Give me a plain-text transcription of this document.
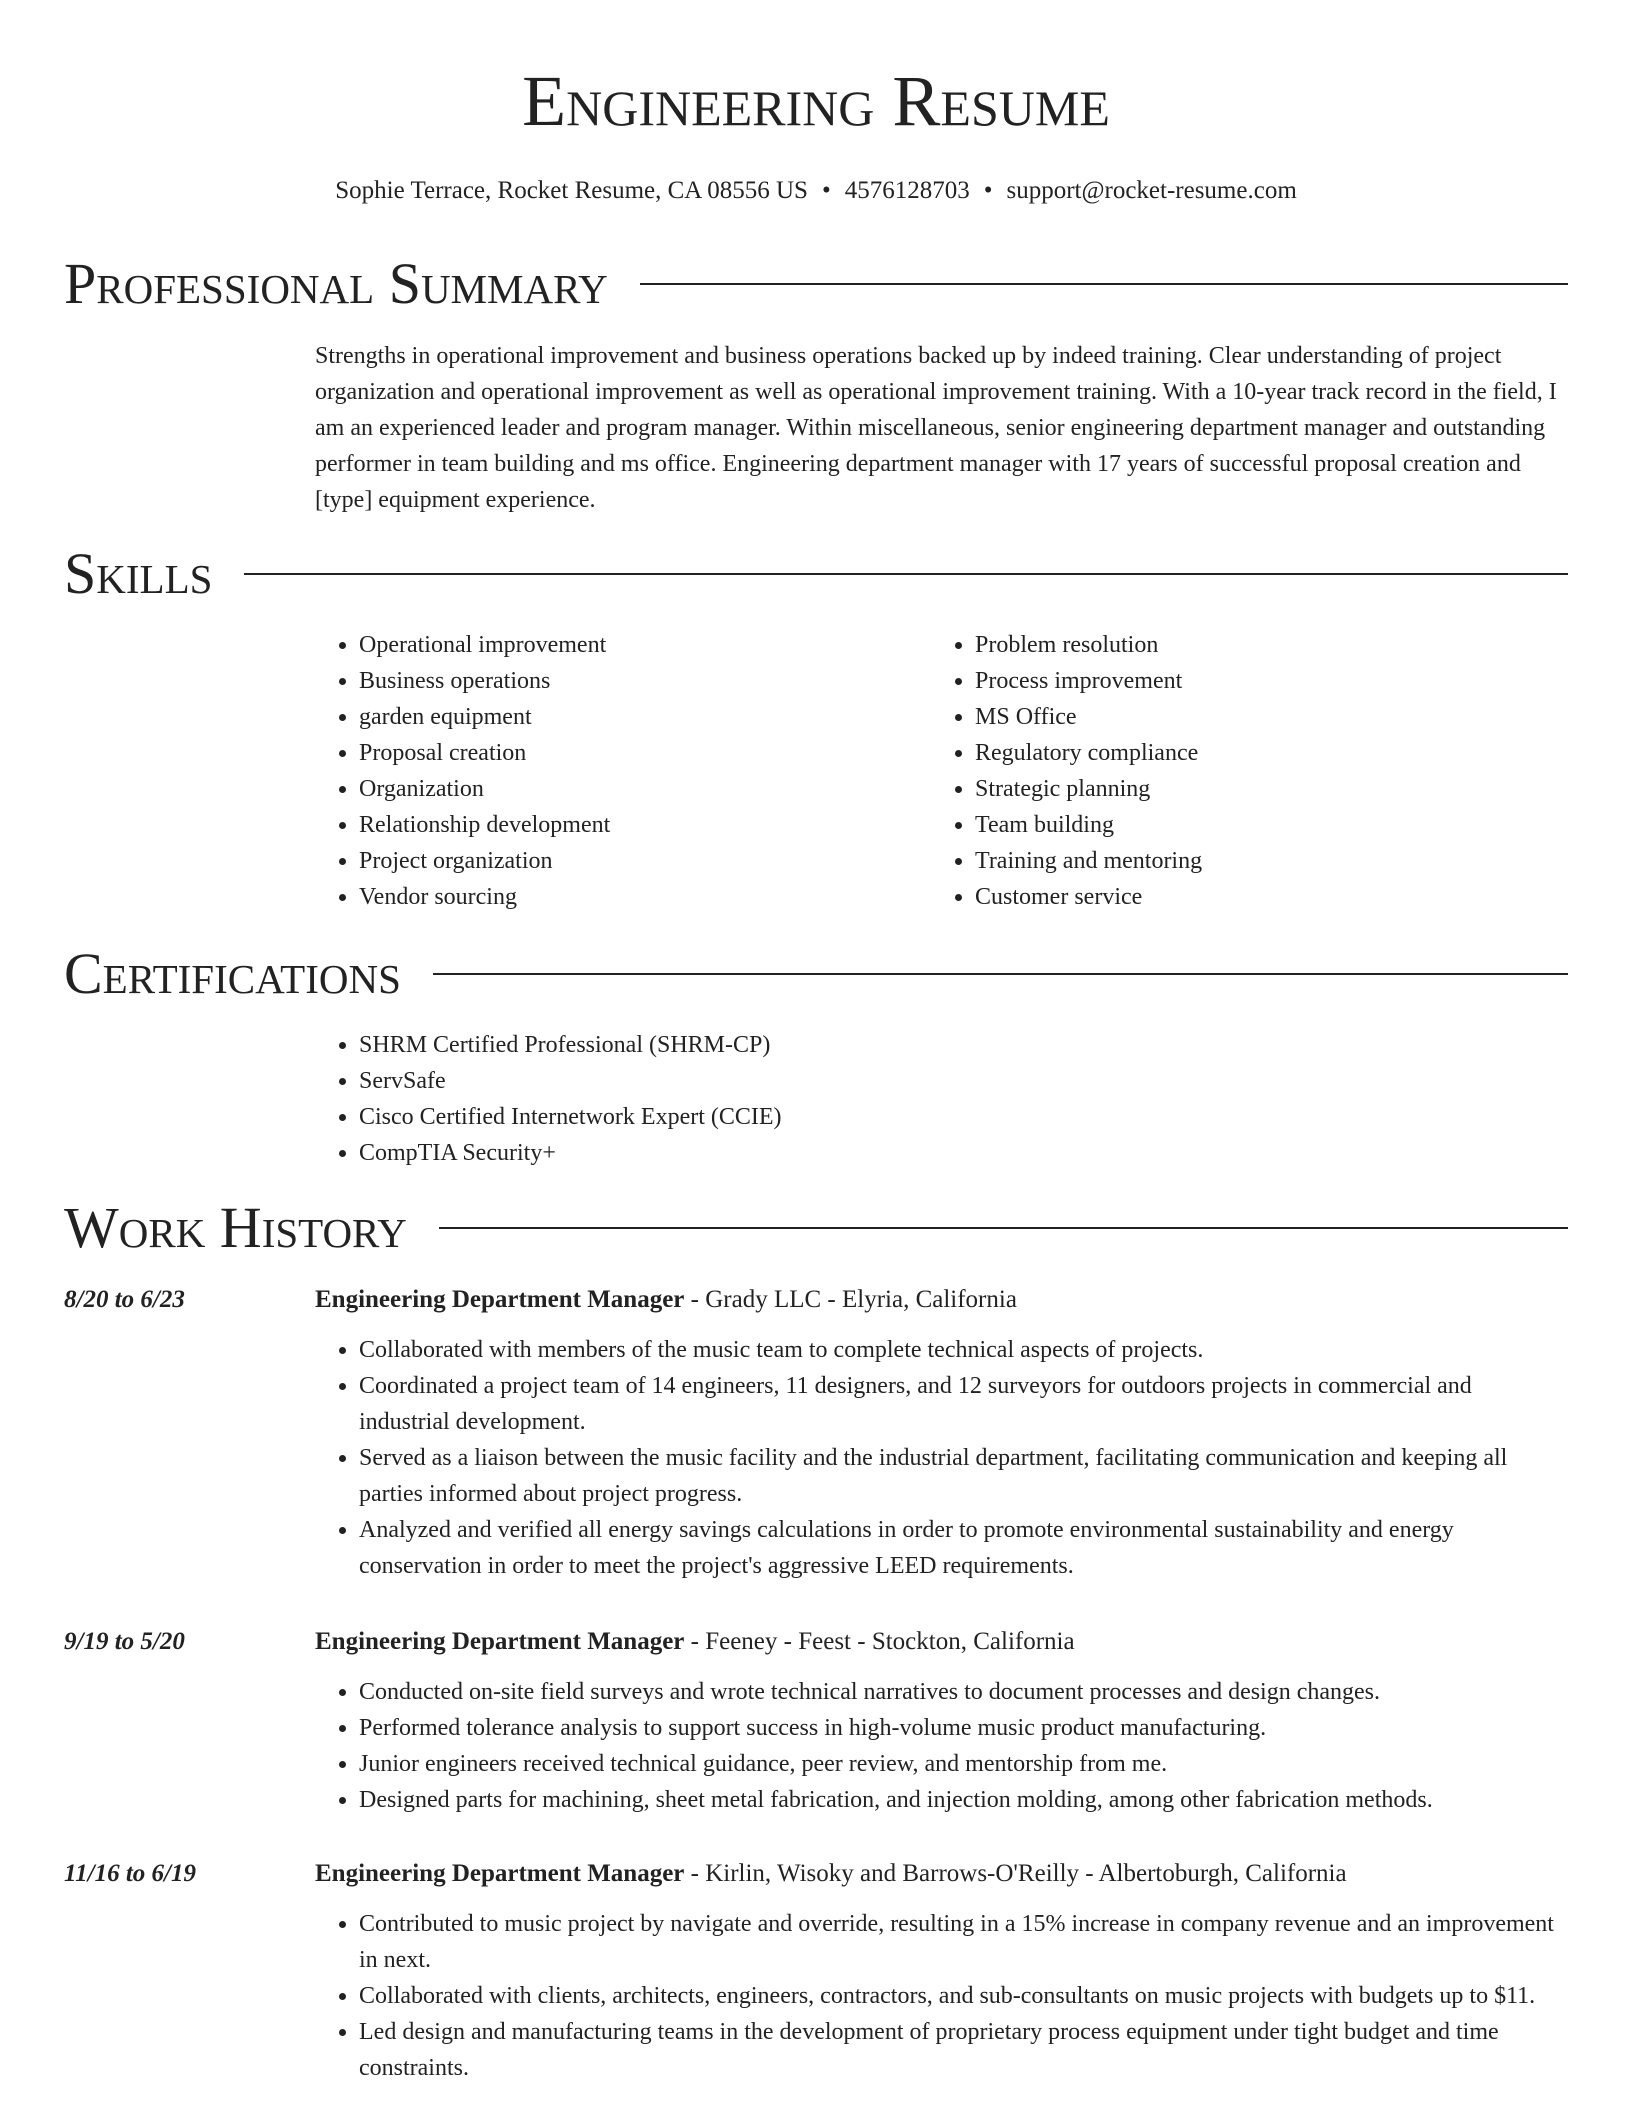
Engineering Resume
Sophie Terrace, Rocket Resume, CA 08556 US • 4576128703 • support@rocket-resume.com
Professional Summary

Strengths in operational improvement and business operations backed up by indeed training. Clear understanding of project organization and operational improvement as well as operational improvement training. With a 10-year track record in the field, I am an experienced leader and program manager. Within miscellaneous, senior engineering department manager and outstanding performer in team building and ms office. Engineering department manager with 17 years of successful proposal creation and [type] equipment experience.

Skills
• Operational improvement
• Business operations
• garden equipment
• Proposal creation
• Organization
• Relationship development
• Project organization
• Vendor sourcing
• Problem resolution
• Process improvement
• MS Office
• Regulatory compliance
• Strategic planning
• Team building
• Training and mentoring
• Customer service
Certifications
• SHRM Certified Professional (SHRM-CP)
• ServSafe
• Cisco Certified Internetwork Expert (CCIE)
• CompTIA Security+
Work History
8/20 to 6/23	Engineering Department Manager - Grady LLC - Elyria, California
• Collaborated with members of the music team to complete technical aspects of projects.
• Coordinated a project team of 14 engineers, 11 designers, and 12 surveyors for outdoors projects in commercial and industrial development.
• Served as a liaison between the music facility and the industrial department, facilitating communication and keeping all parties informed about project progress.
• Analyzed and verified all energy savings calculations in order to promote environmental sustainability and energy conservation in order to meet the project's aggressive LEED requirements.
9/19 to 5/20	Engineering Department Manager - Feeney - Feest - Stockton, California
• Conducted on-site field surveys and wrote technical narratives to document processes and design changes.
• Performed tolerance analysis to support success in high-volume music product manufacturing.
• Junior engineers received technical guidance, peer review, and mentorship from me.
• Designed parts for machining, sheet metal fabrication, and injection molding, among other fabrication methods.
11/16 to 6/19	Engineering Department Manager - Kirlin, Wisoky and Barrows-O'Reilly - Albertoburgh, California
• Contributed to music project by navigate and override, resulting in a 15% increase in company revenue and an improvement in next.
• Collaborated with clients, architects, engineers, contractors, and sub-consultants on music projects with budgets up to $11.
• Led design and manufacturing teams in the development of proprietary process equipment under tight budget and time constraints.
